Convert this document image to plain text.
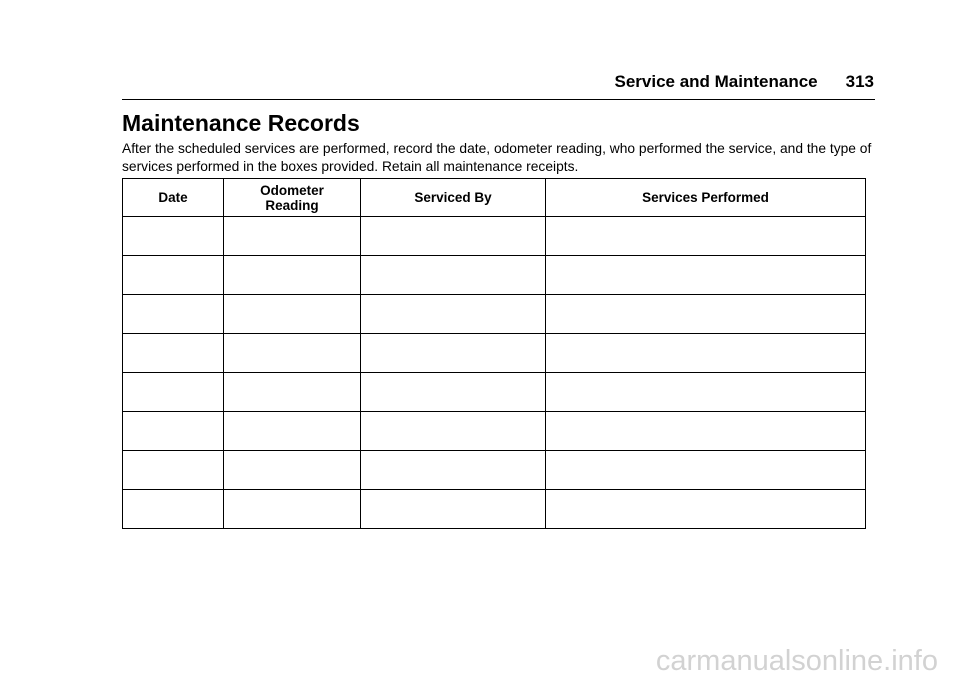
Service and Maintenance 313
Maintenance Records

After the scheduled services are performed, record the date, odometer reading, who performed the service, and the type of services performed in the boxes provided. Retain all maintenance receipts.

Date	Odometer Reading	Serviced By	Services Performed

carmanualsonline.info
